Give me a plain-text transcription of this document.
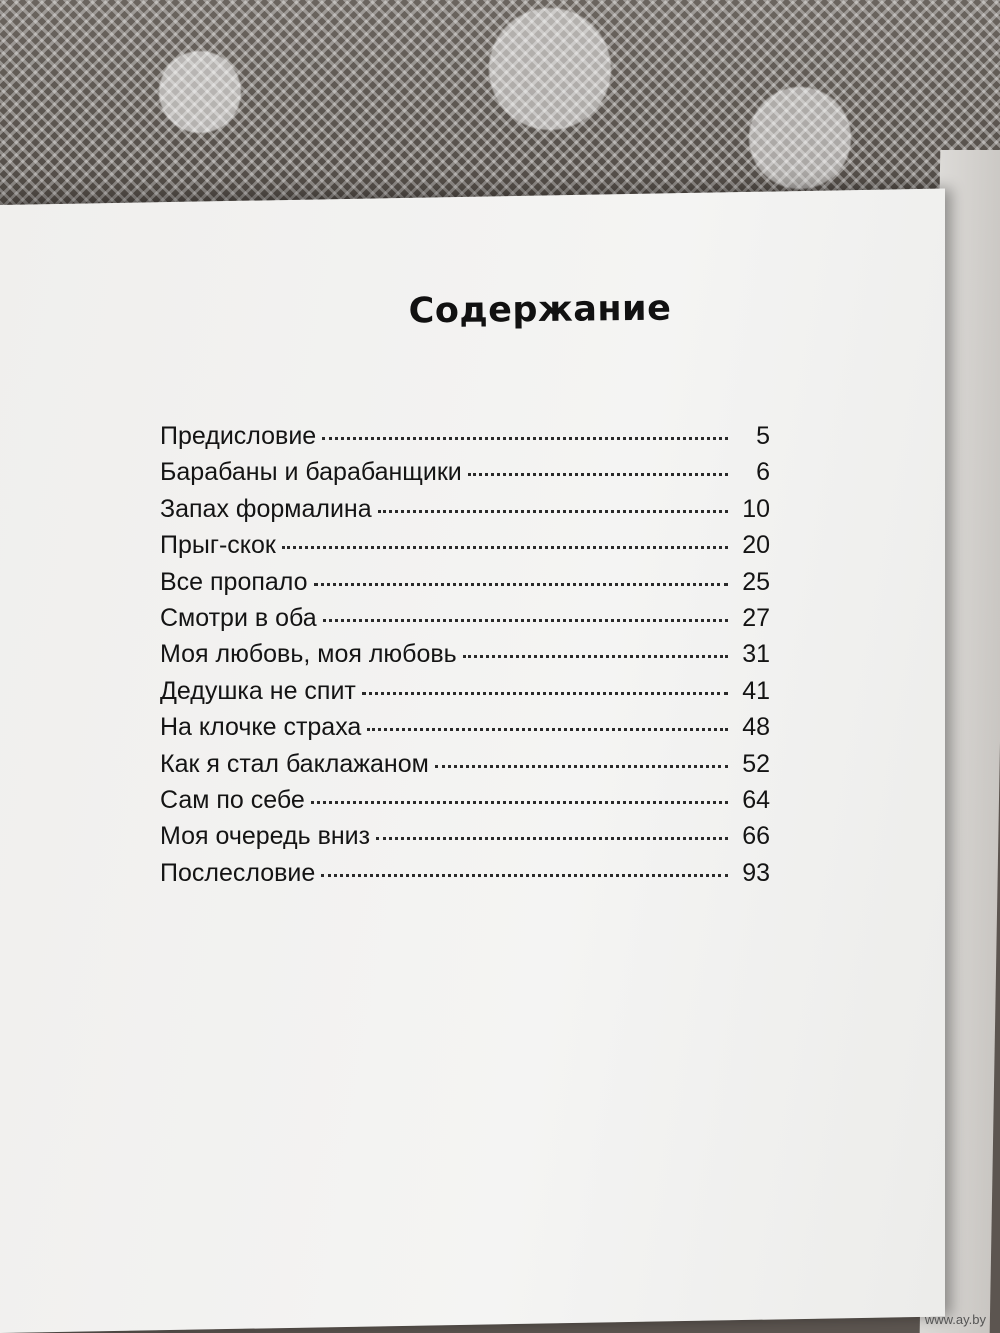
Содержание
Предисловие	5
Барабаны и барабанщики	6
Запах формалина	10
Прыг-скок	20
Все пропало	25
Смотри в оба	27
Моя любовь, моя любовь	31
Дедушка не спит	41
На клочке страха	48
Как я стал баклажаном	52
Сам по себе	64
Моя очередь вниз	66
Послесловие	93
www.ay.by
